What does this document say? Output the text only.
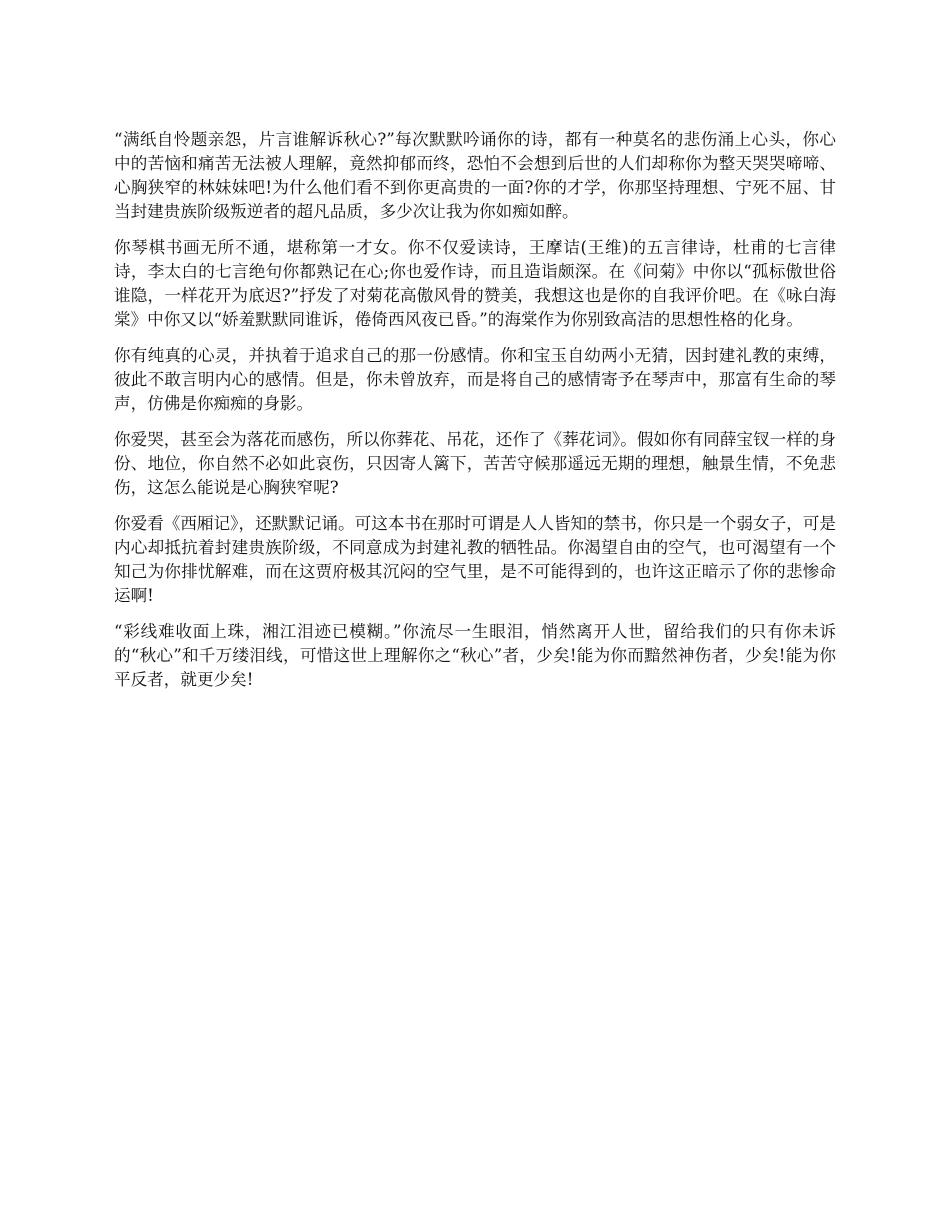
“满纸自怜题亲怨，片言谁解诉秋心?”每次默默吟诵你的诗，都有一种莫名的悲伤涌上心头，你心中的苦恼和痛苦无法被人理解，竟然抑郁而终，恐怕不会想到后世的人们却称你为整天哭哭啼啼、心胸狭窄的林妹妹吧!为什么他们看不到你更高贵的一面?你的才学，你那坚持理想、宁死不屈、甘当封建贵族阶级叛逆者的超凡品质，多少次让我为你如痴如醉。

你琴棋书画无所不通，堪称第一才女。你不仅爱读诗，王摩诘(王维)的五言律诗，杜甫的七言律诗，李太白的七言绝句你都熟记在心;你也爱作诗，而且造诣颇深。在《问菊》中你以“孤标傲世俗谁隐，一样花开为底迟?”抒发了对菊花高傲风骨的赞美，我想这也是你的自我评价吧。在《咏白海棠》中你又以“娇羞默默同谁诉，倦倚西风夜已昏。”的海棠作为你别致高洁的思想性格的化身。

你有纯真的心灵，并执着于追求自己的那一份感情。你和宝玉自幼两小无猜，因封建礼教的束缚，彼此不敢言明内心的感情。但是，你未曾放弃，而是将自己的感情寄予在琴声中，那富有生命的琴声，仿佛是你痴痴的身影。

你爱哭，甚至会为落花而感伤，所以你葬花、吊花，还作了《葬花词》。假如你有同薛宝钗一样的身份、地位，你自然不必如此哀伤，只因寄人篱下，苦苦守候那遥远无期的理想，触景生情，不免悲伤，这怎么能说是心胸狭窄呢?

你爱看《西厢记》，还默默记诵。可这本书在那时可谓是人人皆知的禁书，你只是一个弱女子，可是内心却抵抗着封建贵族阶级，不同意成为封建礼教的牺牲品。你渴望自由的空气，也可渴望有一个知己为你排忧解难，而在这贾府极其沉闷的空气里，是不可能得到的，也许这正暗示了你的悲惨命运啊!

“彩线难收面上珠，湘江泪迹已模糊。”你流尽一生眼泪，悄然离开人世，留给我们的只有你未诉的“秋心”和千万缕泪线，可惜这世上理解你之“秋心”者，少矣!能为你而黯然神伤者，少矣!能为你平反者，就更少矣!
